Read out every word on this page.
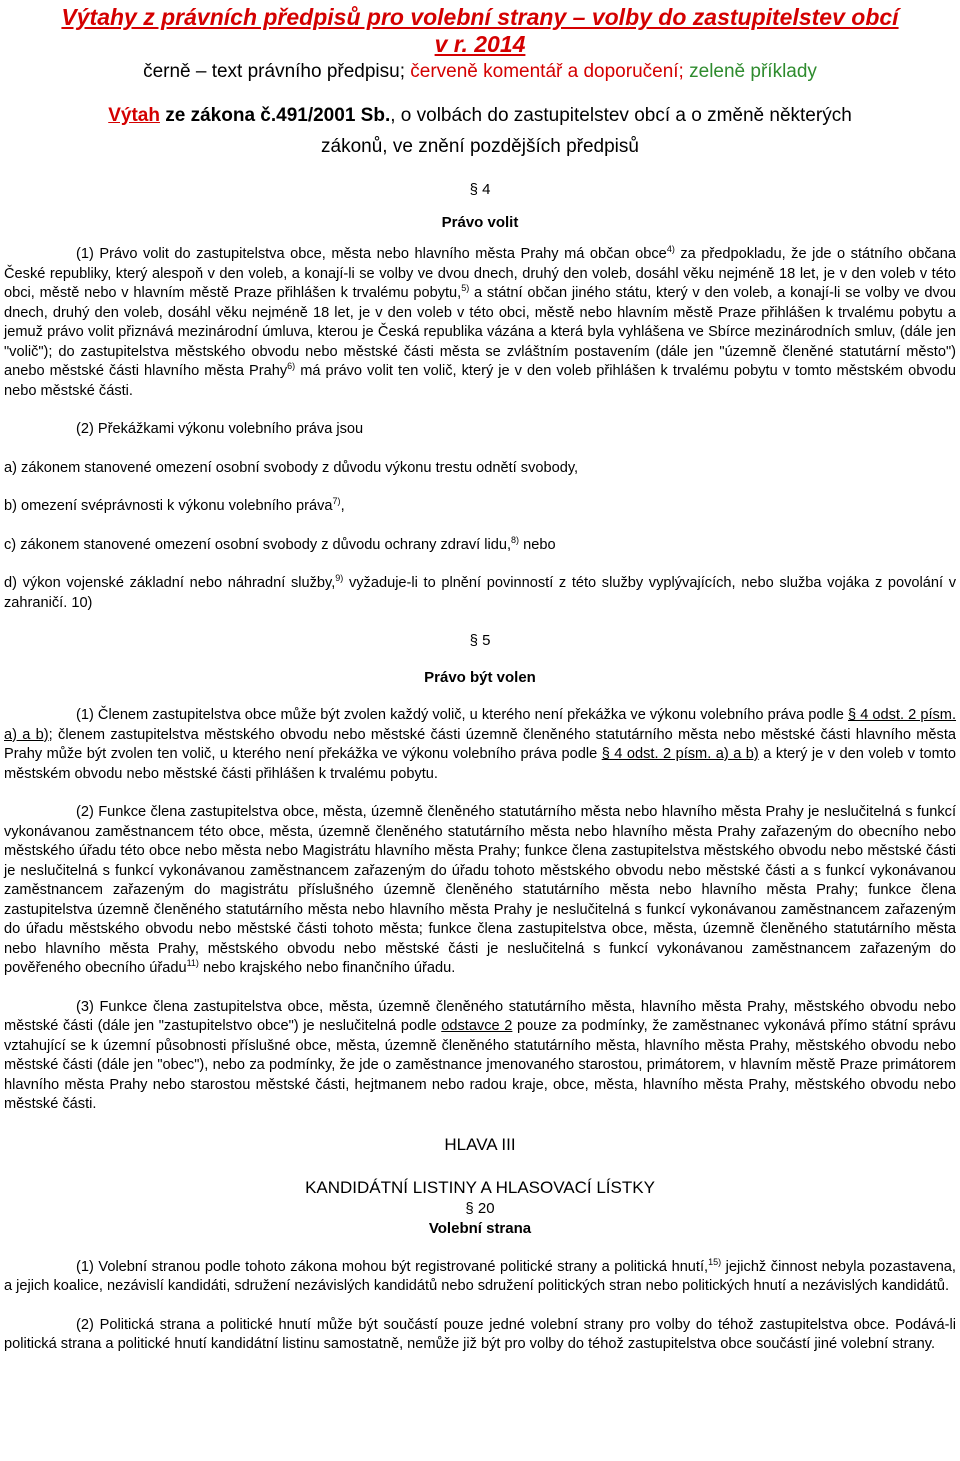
Výtahy z právních předpisů pro volební strany – volby do zastupitelstev obcí
v r. 2014
černě – text právního předpisu; červeně komentář a doporučení; zeleně příklady
Výtah ze zákona č.491/2001 Sb., o volbách do zastupitelstev obcí a o změně některých
zákonů, ve znění pozdějších předpisů
§ 4
Právo volit

(1) Právo volit do zastupitelstva obce, města nebo hlavního města Prahy má občan obce$^{4)}$ za předpokladu, že jde o státního občana České republiky, který alespoň v den voleb, a konají-li se volby ve dvou dnech, druhý den voleb, dosáhl věku nejméně 18 let, je v den voleb v této obci, městě nebo v hlavním městě Praze přihlášen k trvalému pobytu,$^{5)}$ a státní občan jiného státu, který v den voleb, a konají-li se volby ve dvou dnech, druhý den voleb, dosáhl věku nejméně 18 let, je v den voleb v této obci, městě nebo hlavním městě Praze přihlášen k trvalému pobytu a jemuž právo volit přiznává mezinárodní úmluva, kterou je Česká republika vázána a která byla vyhlášena ve Sbírce mezinárodních smluv, (dále jen "volič"); do zastupitelstva městského obvodu nebo městské části města se zvláštním postavením (dále jen "územně členěné statutární město") anebo městské části hlavního města Prahy$^{6)}$ má právo volit ten volič, který je v den voleb přihlášen k trvalému pobytu v tomto městském obvodu nebo městské části.

(2) Překážkami výkonu volebního práva jsou

a) zákonem stanovené omezení osobní svobody z důvodu výkonu trestu odnětí svobody,

b) omezení svéprávnosti k výkonu volebního práva$^{7)}$,

c) zákonem stanovené omezení osobní svobody z důvodu ochrany zdraví lidu,$^{8)}$ nebo

d) výkon vojenské základní nebo náhradní služby,$^{9)}$ vyžaduje-li to plnění povinností z této služby vyplývajících, nebo služba vojáka z povolání v zahraničí. 10)

§ 5
Právo být volen

(1) Členem zastupitelstva obce může být zvolen každý volič, u kterého není překážka ve výkonu volebního práva podle § 4 odst. 2 písm. a) a b); členem zastupitelstva městského obvodu nebo městské části územně členěného statutárního města nebo městské části hlavního města Prahy může být zvolen ten volič, u kterého není překážka ve výkonu volebního práva podle § 4 odst. 2 písm. a) a b) a který je v den voleb v tomto městském obvodu nebo městské části přihlášen k trvalému pobytu.

(2) Funkce člena zastupitelstva obce, města, územně členěného statutárního města nebo hlavního města Prahy je neslučitelná s funkcí vykonávanou zaměstnancem této obce, města, územně členěného statutárního města nebo hlavního města Prahy zařazeným do obecního nebo městského úřadu této obce nebo města nebo Magistrátu hlavního města Prahy; funkce člena zastupitelstva městského obvodu nebo městské části je neslučitelná s funkcí vykonávanou zaměstnancem zařazeným do úřadu tohoto městského obvodu nebo městské části a s funkcí vykonávanou zaměstnancem zařazeným do magistrátu příslušného územně členěného statutárního města nebo hlavního města Prahy; funkce člena zastupitelstva územně členěného statutárního města nebo hlavního města Prahy je neslučitelná s funkcí vykonávanou zaměstnancem zařazeným do úřadu městského obvodu nebo městské části tohoto města; funkce člena zastupitelstva obce, města, územně členěného statutárního města nebo hlavního města Prahy, městského obvodu nebo městské části je neslučitelná s funkcí vykonávanou zaměstnancem zařazeným do pověřeného obecního úřadu$^{11)}$ nebo krajského nebo finančního úřadu.

(3) Funkce člena zastupitelstva obce, města, územně členěného statutárního města, hlavního města Prahy, městského obvodu nebo městské části (dále jen "zastupitelstvo obce") je neslučitelná podle odstavce 2 pouze za podmínky, že zaměstnanec vykonává přímo státní správu vztahující se k územní působnosti příslušné obce, města, územně členěného statutárního města, hlavního města Prahy, městského obvodu nebo městské části (dále jen "obec"), nebo za podmínky, že jde o zaměstnance jmenovaného starostou, primátorem, v hlavním městě Praze primátorem hlavního města Prahy nebo starostou městské části, hejtmanem nebo radou kraje, obce, města, hlavního města Prahy, městského obvodu nebo městské části.

HLAVA III
KANDIDÁTNÍ LISTINY A HLASOVACÍ LÍSTKY
§ 20
Volební strana

(1) Volební stranou podle tohoto zákona mohou být registrované politické strany a politická hnutí,$^{15)}$ jejichž činnost nebyla pozastavena, a jejich koalice, nezávislí kandidáti, sdružení nezávislých kandidátů nebo sdružení politických stran nebo politických hnutí a nezávislých kandidátů.

(2) Politická strana a politické hnutí může být součástí pouze jedné volební strany pro volby do téhož zastupitelstva obce. Podává-li politická strana a politické hnutí kandidátní listinu samostatně, nemůže již být pro volby do téhož zastupitelstva obce součástí jiné volební strany.
